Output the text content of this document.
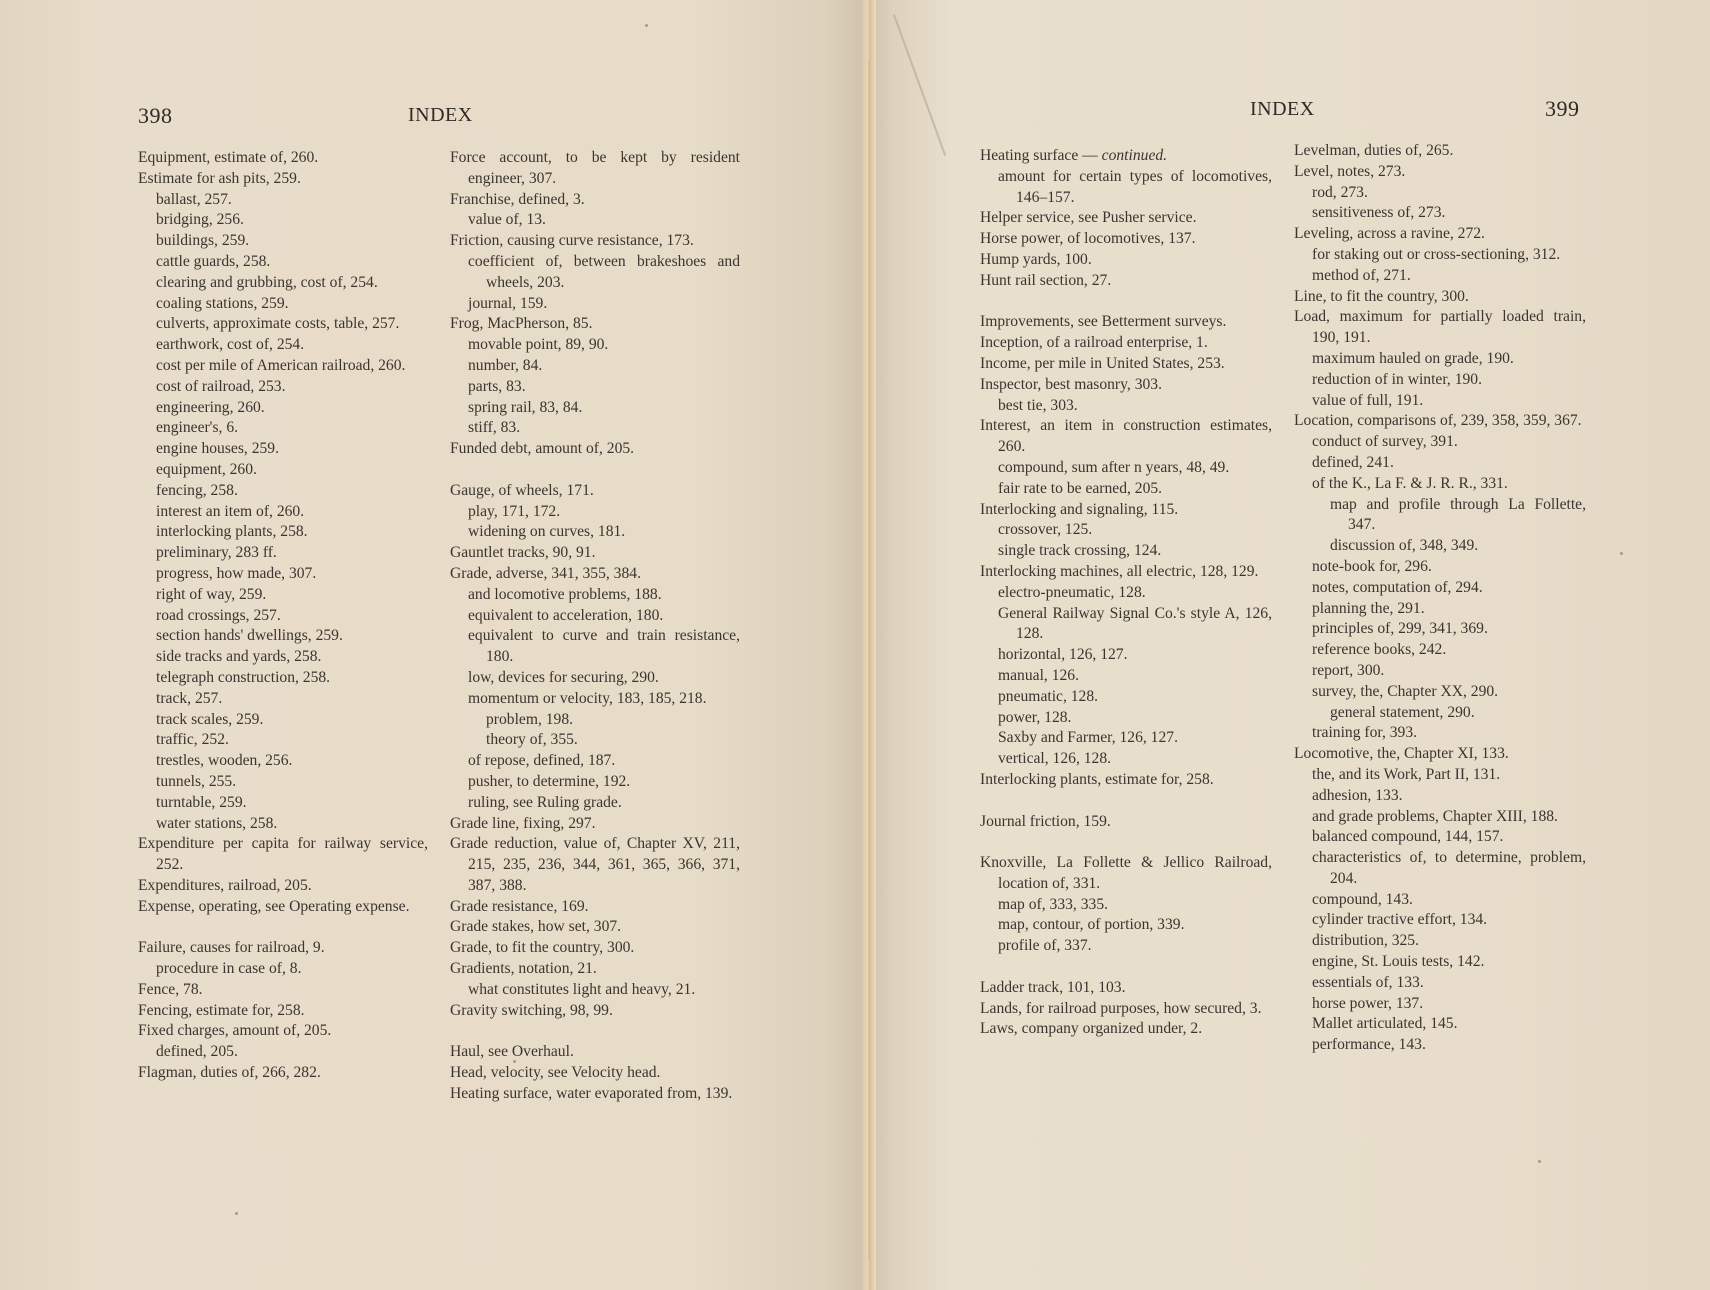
398	INDEX	INDEX	399
Equipment, estimate of, 260.
Estimate for ash pits, 259.
ballast, 257.
bridging, 256.
buildings, 259.
cattle guards, 258.
clearing and grubbing, cost of, 254.
coaling stations, 259.
culverts, approximate costs, table, 257.
earthwork, cost of, 254.
cost per mile of American railroad, 260.
cost of railroad, 253.
engineering, 260.
engineer's, 6.
engine houses, 259.
equipment, 260.
fencing, 258.
interest an item of, 260.
interlocking plants, 258.
preliminary, 283 ff.
progress, how made, 307.
right of way, 259.
road crossings, 257.
section hands' dwellings, 259.
side tracks and yards, 258.
telegraph construction, 258.
track, 257.
track scales, 259.
traffic, 252.
trestles, wooden, 256.
tunnels, 255.
turntable, 259.
water stations, 258.
Expenditure per capita for railway service, 252.
Expenditures, railroad, 205.
Expense, operating, see Operating expense.
Failure, causes for railroad, 9.
procedure in case of, 8.
Fence, 78.
Fencing, estimate for, 258.
Fixed charges, amount of, 205.
defined, 205.
Flagman, duties of, 266, 282.
Force account, to be kept by resident engineer, 307.
Franchise, defined, 3.
value of, 13.
Friction, causing curve resistance, 173.
coefficient of, between brakeshoes and wheels, 203.
journal, 159.
Frog, MacPherson, 85.
movable point, 89, 90.
number, 84.
parts, 83.
spring rail, 83, 84.
stiff, 83.
Funded debt, amount of, 205.
Gauge, of wheels, 171.
play, 171, 172.
widening on curves, 181.
Gauntlet tracks, 90, 91.
Grade, adverse, 341, 355, 384.
and locomotive problems, 188.
equivalent to acceleration, 180.
equivalent to curve and train resistance, 180.
low, devices for securing, 290.
momentum or velocity, 183, 185, 218.
problem, 198.
theory of, 355.
of repose, defined, 187.
pusher, to determine, 192.
ruling, see Ruling grade.
Grade line, fixing, 297.
Grade reduction, value of, Chapter XV, 211, 215, 235, 236, 344, 361, 365, 366, 371, 387, 388.
Grade resistance, 169.
Grade stakes, how set, 307.
Grade, to fit the country, 300.
Gradients, notation, 21.
what constitutes light and heavy, 21.
Gravity switching, 98, 99.
Haul, see Overhaul.
Head, velocity, see Velocity head.
Heating surface, water evaporated from, 139.
Heating surface — continued.
amount for certain types of locomotives, 146–157.
Helper service, see Pusher service.
Horse power, of locomotives, 137.
Hump yards, 100.
Hunt rail section, 27.
Improvements, see Betterment surveys.
Inception, of a railroad enterprise, 1.
Income, per mile in United States, 253.
Inspector, best masonry, 303.
best tie, 303.
Interest, an item in construction estimates, 260.
compound, sum after n years, 48, 49.
fair rate to be earned, 205.
Interlocking and signaling, 115.
crossover, 125.
single track crossing, 124.
Interlocking machines, all electric, 128, 129.
electro-pneumatic, 128.
General Railway Signal Co.'s style A, 126, 128.
horizontal, 126, 127.
manual, 126.
pneumatic, 128.
power, 128.
Saxby and Farmer, 126, 127.
vertical, 126, 128.
Interlocking plants, estimate for, 258.
Journal friction, 159.
Knoxville, La Follette & Jellico Railroad, location of, 331.
map of, 333, 335.
map, contour, of portion, 339.
profile of, 337.
Ladder track, 101, 103.
Lands, for railroad purposes, how secured, 3.
Laws, company organized under, 2.
Levelman, duties of, 265.
Level, notes, 273.
rod, 273.
sensitiveness of, 273.
Leveling, across a ravine, 272.
for staking out or cross-sectioning, 312.
method of, 271.
Line, to fit the country, 300.
Load, maximum for partially loaded train, 190, 191.
maximum hauled on grade, 190.
reduction of in winter, 190.
value of full, 191.
Location, comparisons of, 239, 358, 359, 367.
conduct of survey, 391.
defined, 241.
of the K., La F. & J. R. R., 331.
map and profile through La Follette, 347.
discussion of, 348, 349.
note-book for, 296.
notes, computation of, 294.
planning the, 291.
principles of, 299, 341, 369.
reference books, 242.
report, 300.
survey, the, Chapter XX, 290.
general statement, 290.
training for, 393.
Locomotive, the, Chapter XI, 133.
the, and its Work, Part II, 131.
adhesion, 133.
and grade problems, Chapter XIII, 188.
balanced compound, 144, 157.
characteristics of, to determine, problem, 204.
compound, 143.
cylinder tractive effort, 134.
distribution, 325.
engine, St. Louis tests, 142.
essentials of, 133.
horse power, 137.
Mallet articulated, 145.
performance, 143.
